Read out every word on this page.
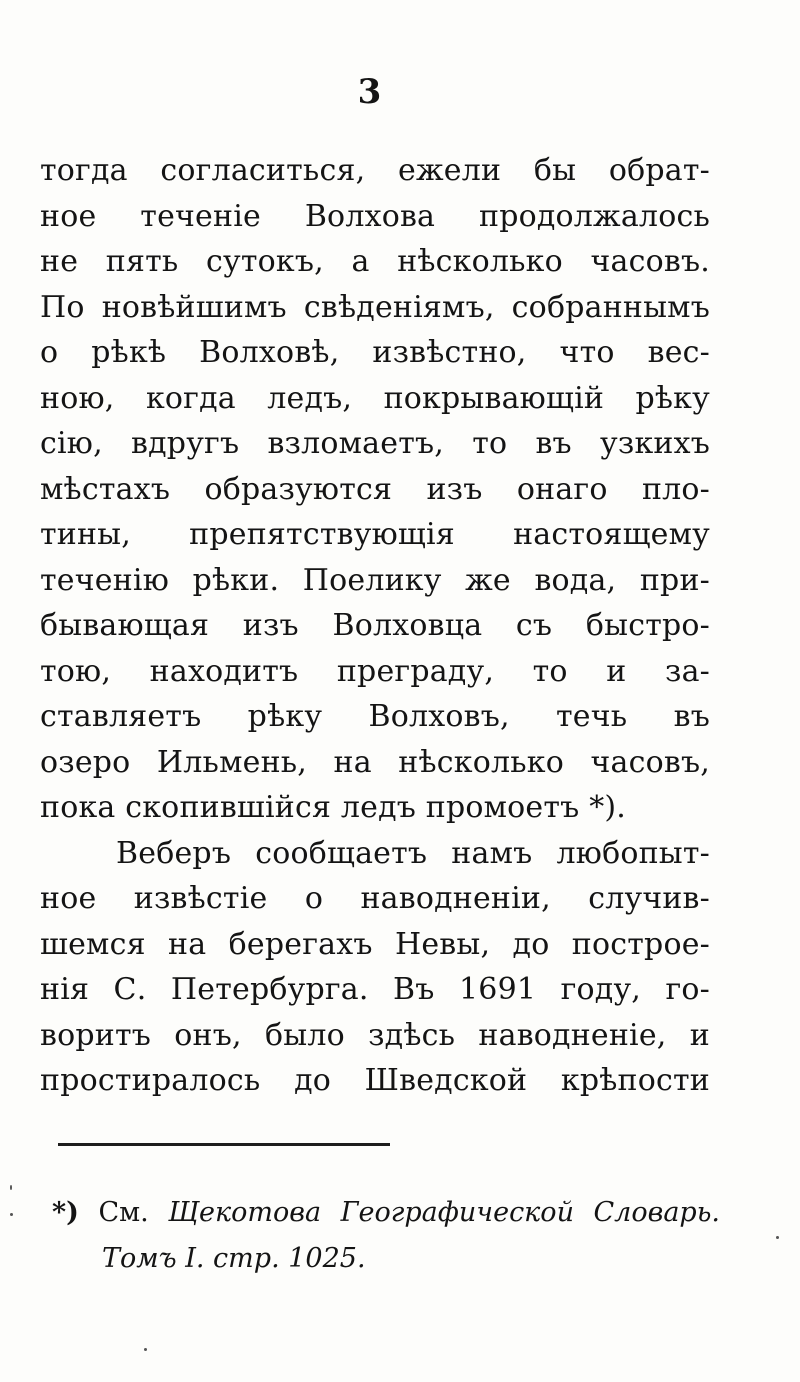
3
тогда согласиться, ежели бы обрат-
ное теченіе Волхова продолжалось
не пять сутокъ, а нѣсколько часовъ.
По новѣйшимъ свѣденіямъ, собраннымъ
о рѣкѣ Волховѣ, извѣстно, что вес-
ною, когда ледъ, покрывающій рѣку
сію, вдругъ взломаетъ, то въ узкихъ
мѣстахъ образуются изъ онаго пло-
тины, препятствующія настоящему
теченію рѣки. Поелику же вода, при-
бывающая изъ Волховца съ быстро-
тою, находитъ преграду, то и за-
ставляетъ рѣку Волховъ, течь въ
озеро Ильмень, на нѣсколько часовъ,
пока скопившійся ледъ промоетъ *).
Веберъ сообщаетъ намъ любопыт-
ное извѣстіе о наводненіи, случив-
шемся на берегахъ Невы, до построе-
нія С. Петербурга. Въ 1691 году, го-
воритъ онъ, было здѣсь наводненіе, и
простиралось до Шведской крѣпости
*) См. Щекотова Географической Словарь.
Томъ I. стр. 1025.
